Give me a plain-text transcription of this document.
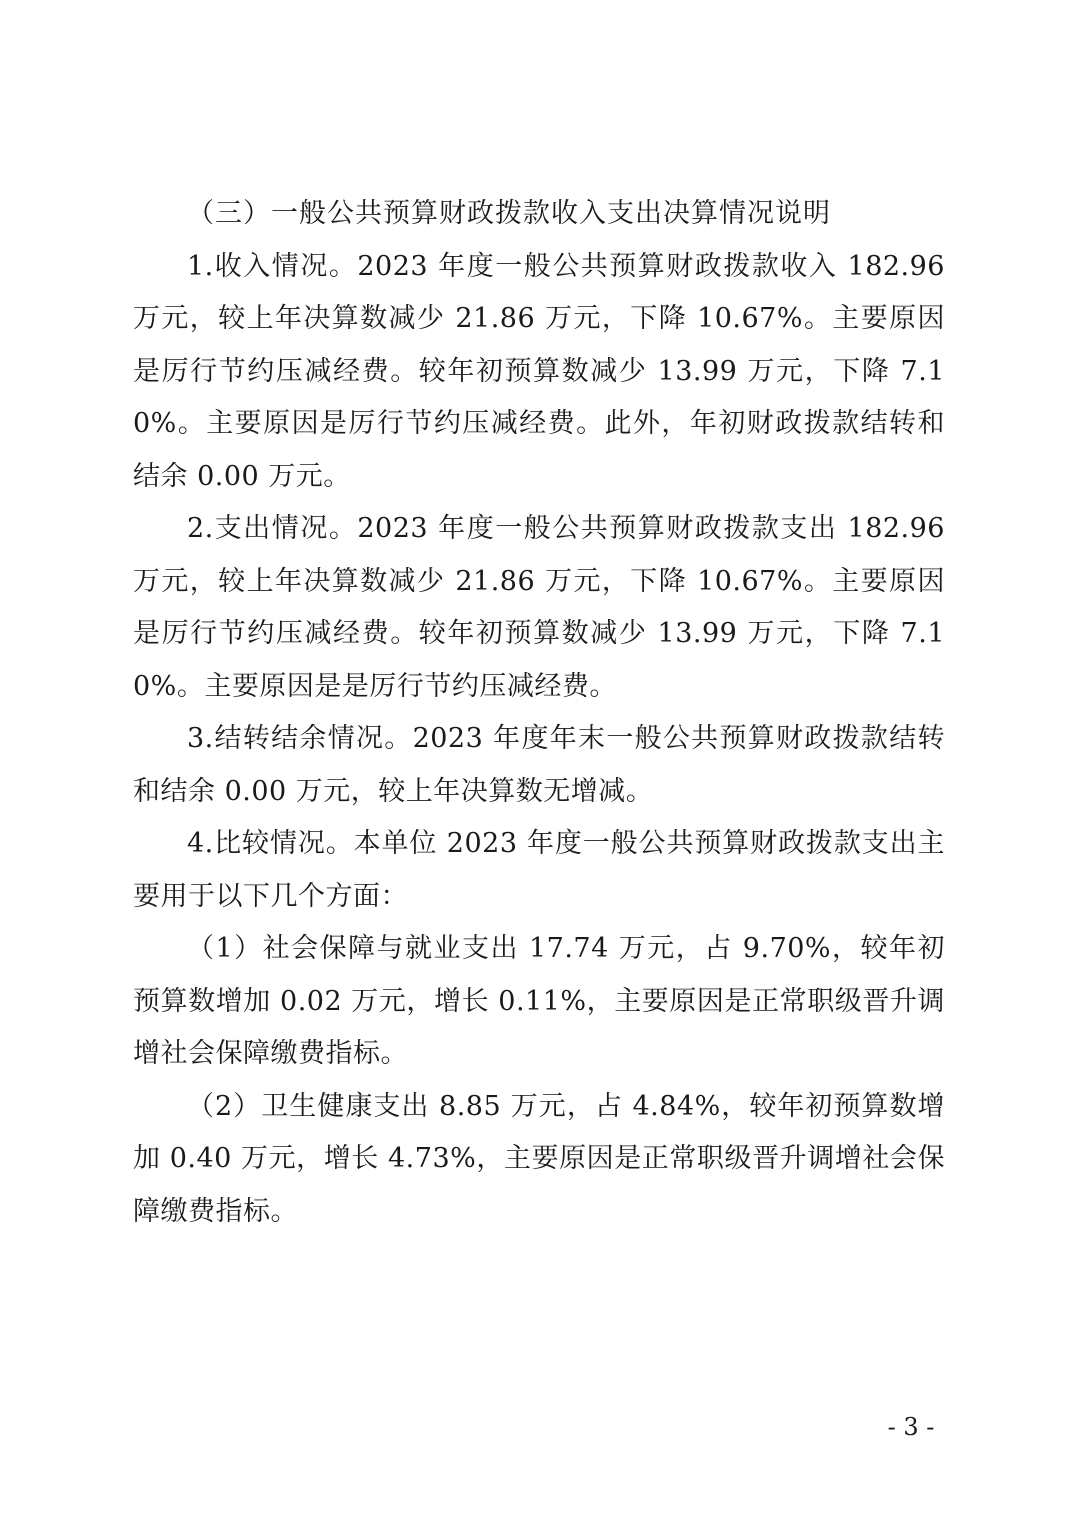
（三）一般公共预算财政拨款收入支出决算情况说明

1.收入情况。2023 年度一般公共预算财政拨款收入 182.96 万元，较上年决算数减少 21.86 万元，下降 10.67%。主要原因是厉行节约压减经费。较年初预算数减少 13.99 万元，下降 7.10%。主要原因是厉行节约压减经费。此外，年初财政拨款结转和结余 0.00 万元。

2.支出情况。2023 年度一般公共预算财政拨款支出 182.96 万元，较上年决算数减少 21.86 万元，下降 10.67%。主要原因是厉行节约压减经费。较年初预算数减少 13.99 万元，下降 7.10%。主要原因是是厉行节约压减经费。

3.结转结余情况。2023 年度年末一般公共预算财政拨款结转和结余 0.00 万元，较上年决算数无增减。

4.比较情况。本单位 2023 年度一般公共预算财政拨款支出主要用于以下几个方面：

（1）社会保障与就业支出 17.74 万元，占 9.70%，较年初预算数增加 0.02 万元，增长 0.11%，主要原因是正常职级晋升调增社会保障缴费指标。

（2）卫生健康支出 8.85 万元，占 4.84%，较年初预算数增加 0.40 万元，增长 4.73%，主要原因是正常职级晋升调增社会保障缴费指标。

- 3 -
